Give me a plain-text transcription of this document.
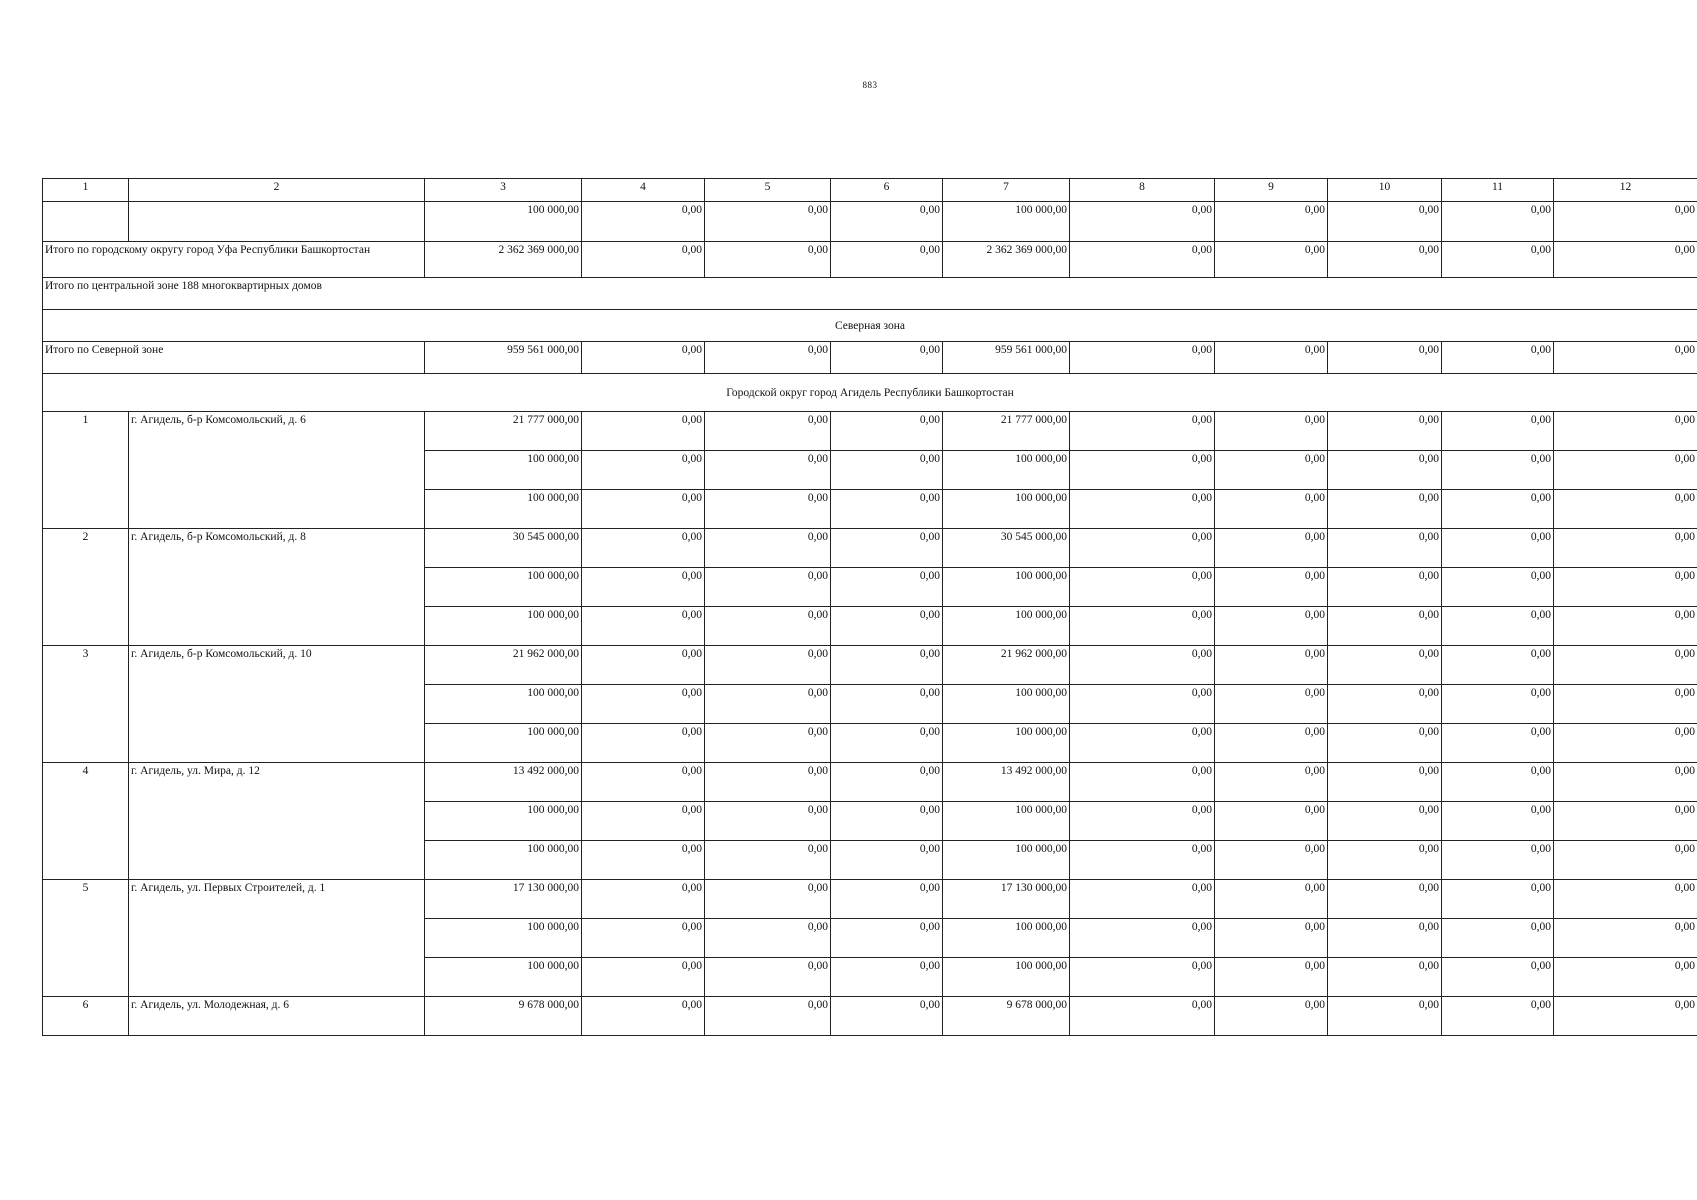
883
1	2	3	4	5	6	7	8	9	10	11	12
		100 000,00	0,00	0,00	0,00	100 000,00	0,00	0,00	0,00	0,00	0,00
Итого по городскому округу город Уфа Республики Башкортостан		2 362 369 000,00	0,00	0,00	0,00	2 362 369 000,00	0,00	0,00	0,00	0,00	0,00
Итого по центральной зоне 188 многоквартирных домов											
Северная зона											
Итого по Северной зоне		959 561 000,00	0,00	0,00	0,00	959 561 000,00	0,00	0,00	0,00	0,00	0,00
Городской округ город Агидель Республики Башкортостан											
1	г. Агидель, б-р Комсомольский, д. 6	21 777 000,00	0,00	0,00	0,00	21 777 000,00	0,00	0,00	0,00	0,00	0,00
		100 000,00	0,00	0,00	0,00	100 000,00	0,00	0,00	0,00	0,00	0,00
		100 000,00	0,00	0,00	0,00	100 000,00	0,00	0,00	0,00	0,00	0,00
2	г. Агидель, б-р Комсомольский, д. 8	30 545 000,00	0,00	0,00	0,00	30 545 000,00	0,00	0,00	0,00	0,00	0,00
		100 000,00	0,00	0,00	0,00	100 000,00	0,00	0,00	0,00	0,00	0,00
		100 000,00	0,00	0,00	0,00	100 000,00	0,00	0,00	0,00	0,00	0,00
3	г. Агидель, б-р Комсомольский, д. 10	21 962 000,00	0,00	0,00	0,00	21 962 000,00	0,00	0,00	0,00	0,00	0,00
		100 000,00	0,00	0,00	0,00	100 000,00	0,00	0,00	0,00	0,00	0,00
		100 000,00	0,00	0,00	0,00	100 000,00	0,00	0,00	0,00	0,00	0,00
4	г. Агидель, ул. Мира, д. 12	13 492 000,00	0,00	0,00	0,00	13 492 000,00	0,00	0,00	0,00	0,00	0,00
		100 000,00	0,00	0,00	0,00	100 000,00	0,00	0,00	0,00	0,00	0,00
		100 000,00	0,00	0,00	0,00	100 000,00	0,00	0,00	0,00	0,00	0,00
5	г. Агидель, ул. Первых Строителей, д. 1	17 130 000,00	0,00	0,00	0,00	17 130 000,00	0,00	0,00	0,00	0,00	0,00
		100 000,00	0,00	0,00	0,00	100 000,00	0,00	0,00	0,00	0,00	0,00
		100 000,00	0,00	0,00	0,00	100 000,00	0,00	0,00	0,00	0,00	0,00
6	г. Агидель, ул. Молодежная, д. 6	9 678 000,00	0,00	0,00	0,00	9 678 000,00	0,00	0,00	0,00	0,00	0,00
